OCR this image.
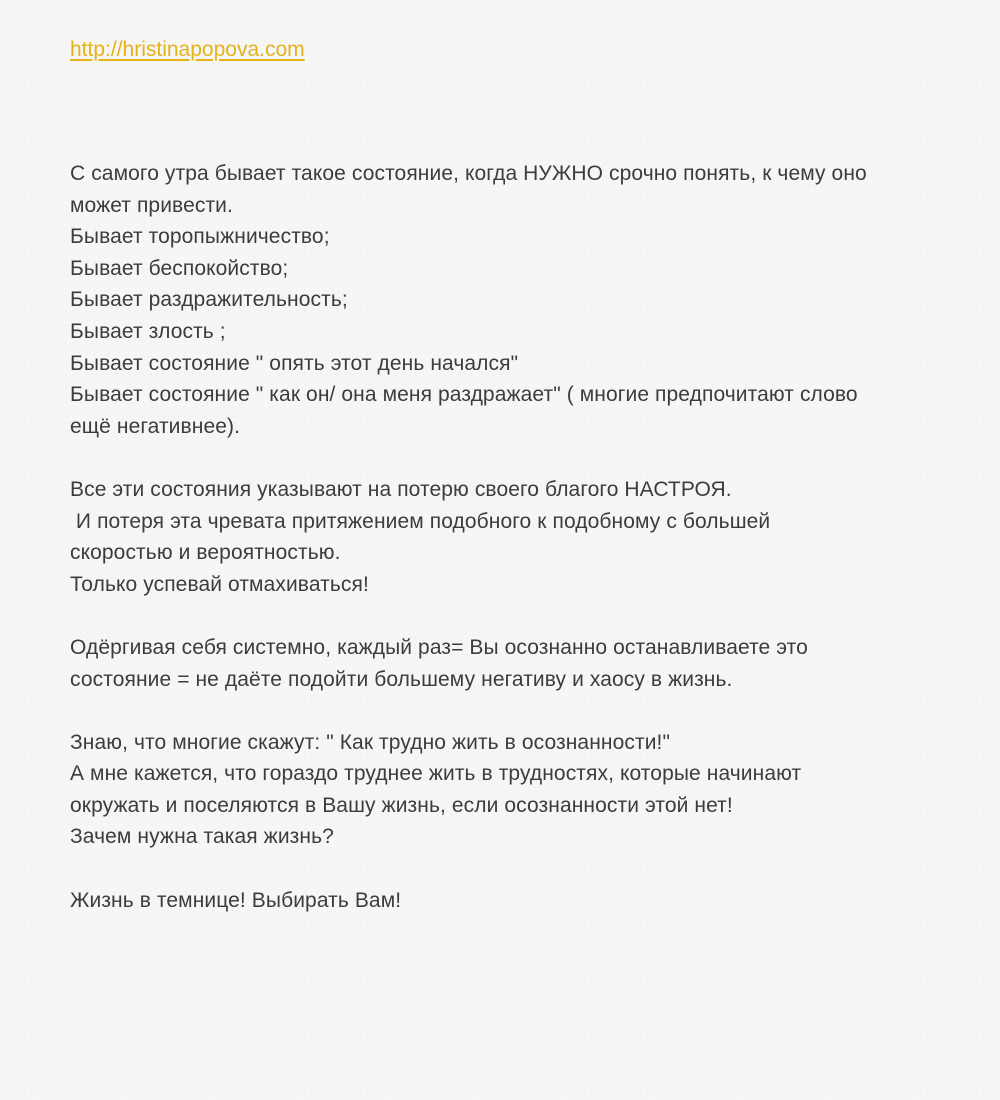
http://hristinapopova.com
С самого утра бывает такое состояние, когда НУЖНО срочно понять, к чему оно
может привести.
Бывает торопыжничество;
Бывает беспокойство;
Бывает раздражительность;
Бывает злость ;
Бывает состояние " опять этот день начался"
Бывает состояние " как он/ она меня раздражает" ( многие предпочитают слово
ещё негативнее).
Все эти состояния указывают на потерю своего благого НАСТРОЯ.
И потеря эта чревата притяжением подобного к подобному с большей
скоростью и вероятностью.
Только успевай отмахиваться!
Одёргивая себя системно, каждый раз= Вы осознанно останавливаете это
состояние = не даёте подойти большему негативу и хаосу в жизнь.
Знаю, что многие скажут: " Как трудно жить в осознанности!"
А мне кажется, что гораздо труднее жить в трудностях, которые начинают
окружать и поселяются в Вашу жизнь, если осознанности этой нет!
Зачем нужна такая жизнь?
Жизнь в темнице! Выбирать Вам!
